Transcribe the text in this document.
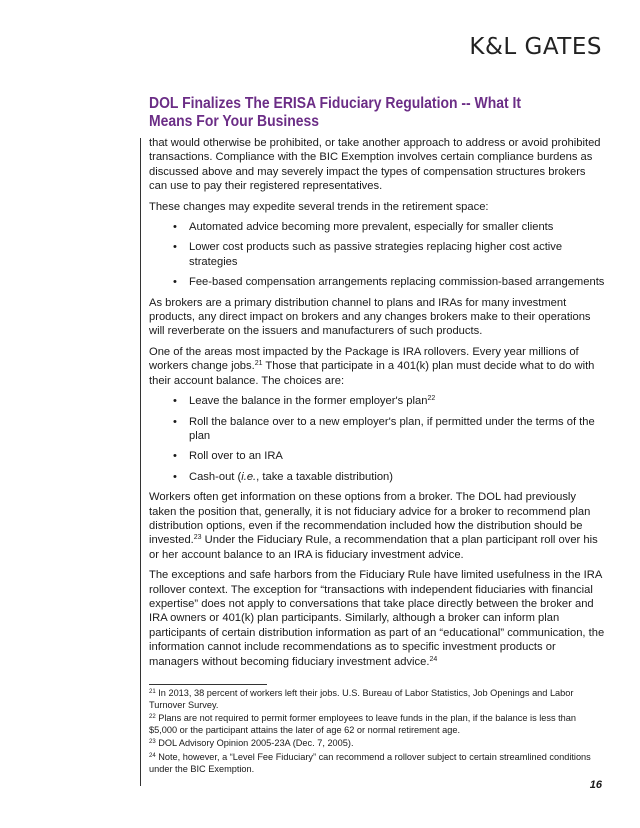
K&L GATES
DOL Finalizes The ERISA Fiduciary Regulation -- What It Means For Your Business

that would otherwise be prohibited, or take another approach to address or avoid prohibited transactions. Compliance with the BIC Exemption involves certain compliance burdens as discussed above and may severely impact the types of compensation structures brokers can use to pay their registered representatives.

These changes may expedite several trends in the retirement space:

• Automated advice becoming more prevalent, especially for smaller clients
• Lower cost products such as passive strategies replacing higher cost active strategies
• Fee-based compensation arrangements replacing commission-based arrangements

As brokers are a primary distribution channel to plans and IRAs for many investment products, any direct impact on brokers and any changes brokers make to their operations will reverberate on the issuers and manufacturers of such products.

One of the areas most impacted by the Package is IRA rollovers. Every year millions of workers change jobs.$^{21}$ Those that participate in a 401(k) plan must decide what to do with their account balance. The choices are:

• Leave the balance in the former employer's plan$^{22}$
• Roll the balance over to a new employer's plan, if permitted under the terms of the plan
• Roll over to an IRA
• Cash-out (i.e., take a taxable distribution)

Workers often get information on these options from a broker. The DOL had previously taken the position that, generally, it is not fiduciary advice for a broker to recommend plan distribution options, even if the recommendation included how the distribution should be invested.$^{23}$ Under the Fiduciary Rule, a recommendation that a plan participant roll over his or her account balance to an IRA is fiduciary investment advice.

The exceptions and safe harbors from the Fiduciary Rule have limited usefulness in the IRA rollover context. The exception for “transactions with independent fiduciaries with financial expertise” does not apply to conversations that take place directly between the broker and IRA owners or 401(k) plan participants. Similarly, although a broker can inform plan participants of certain distribution information as part of an “educational” communication, the information cannot include recommendations as to specific investment products or managers without becoming fiduciary investment advice.$^{24}$

$^{21}$ In 2013, 38 percent of workers left their jobs. U.S. Bureau of Labor Statistics, Job Openings and Labor Turnover Survey.

$^{22}$ Plans are not required to permit former employees to leave funds in the plan, if the balance is less than $5,000 or the participant attains the later of age 62 or normal retirement age.

$^{23}$ DOL Advisory Opinion 2005-23A (Dec. 7, 2005).

$^{24}$ Note, however, a “Level Fee Fiduciary” can recommend a rollover subject to certain streamlined conditions under the BIC Exemption.

16
